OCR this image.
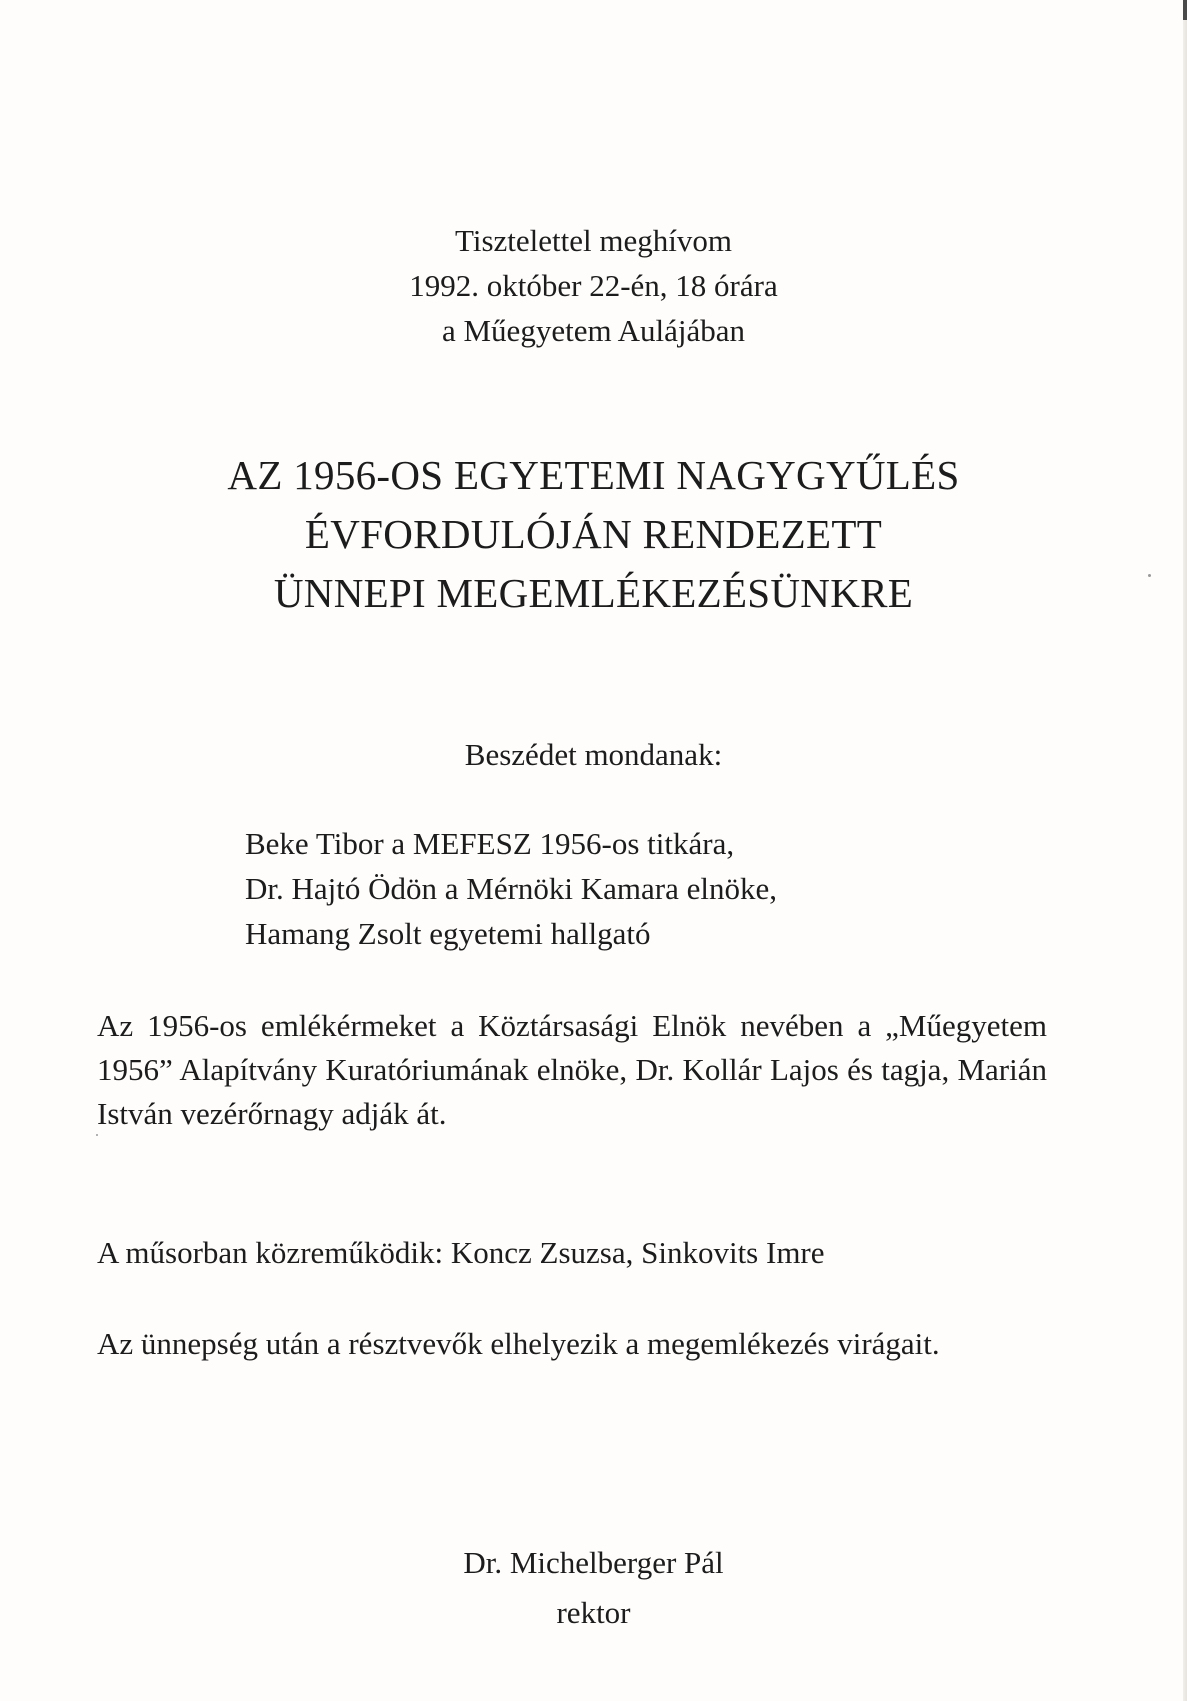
Tisztelettel meghívom
1992. október 22-én, 18 órára
a Műegyetem Aulájában
AZ 1956-OS EGYETEMI NAGYGYŰLÉS
ÉVFORDULÓJÁN RENDEZETT
ÜNNEPI MEGEMLÉKEZÉSÜNKRE
Beszédet mondanak:
Beke Tibor a MEFESZ 1956-os titkára,
Dr. Hajtó Ödön a Mérnöki Kamara elnöke,
Hamang Zsolt egyetemi hallgató

Az 1956-os emlékérmeket a Köztársasági Elnök nevében a „Műegyetem 1956” Alapítvány Kuratóriumának elnöke, Dr. Kollár Lajos és tagja, Marián István vezérőrnagy adják át.

A műsorban közreműködik: Koncz Zsuzsa, Sinkovits Imre

Az ünnepség után a résztvevők elhelyezik a megemlékezés virágait.

Dr. Michelberger Pál
rektor
